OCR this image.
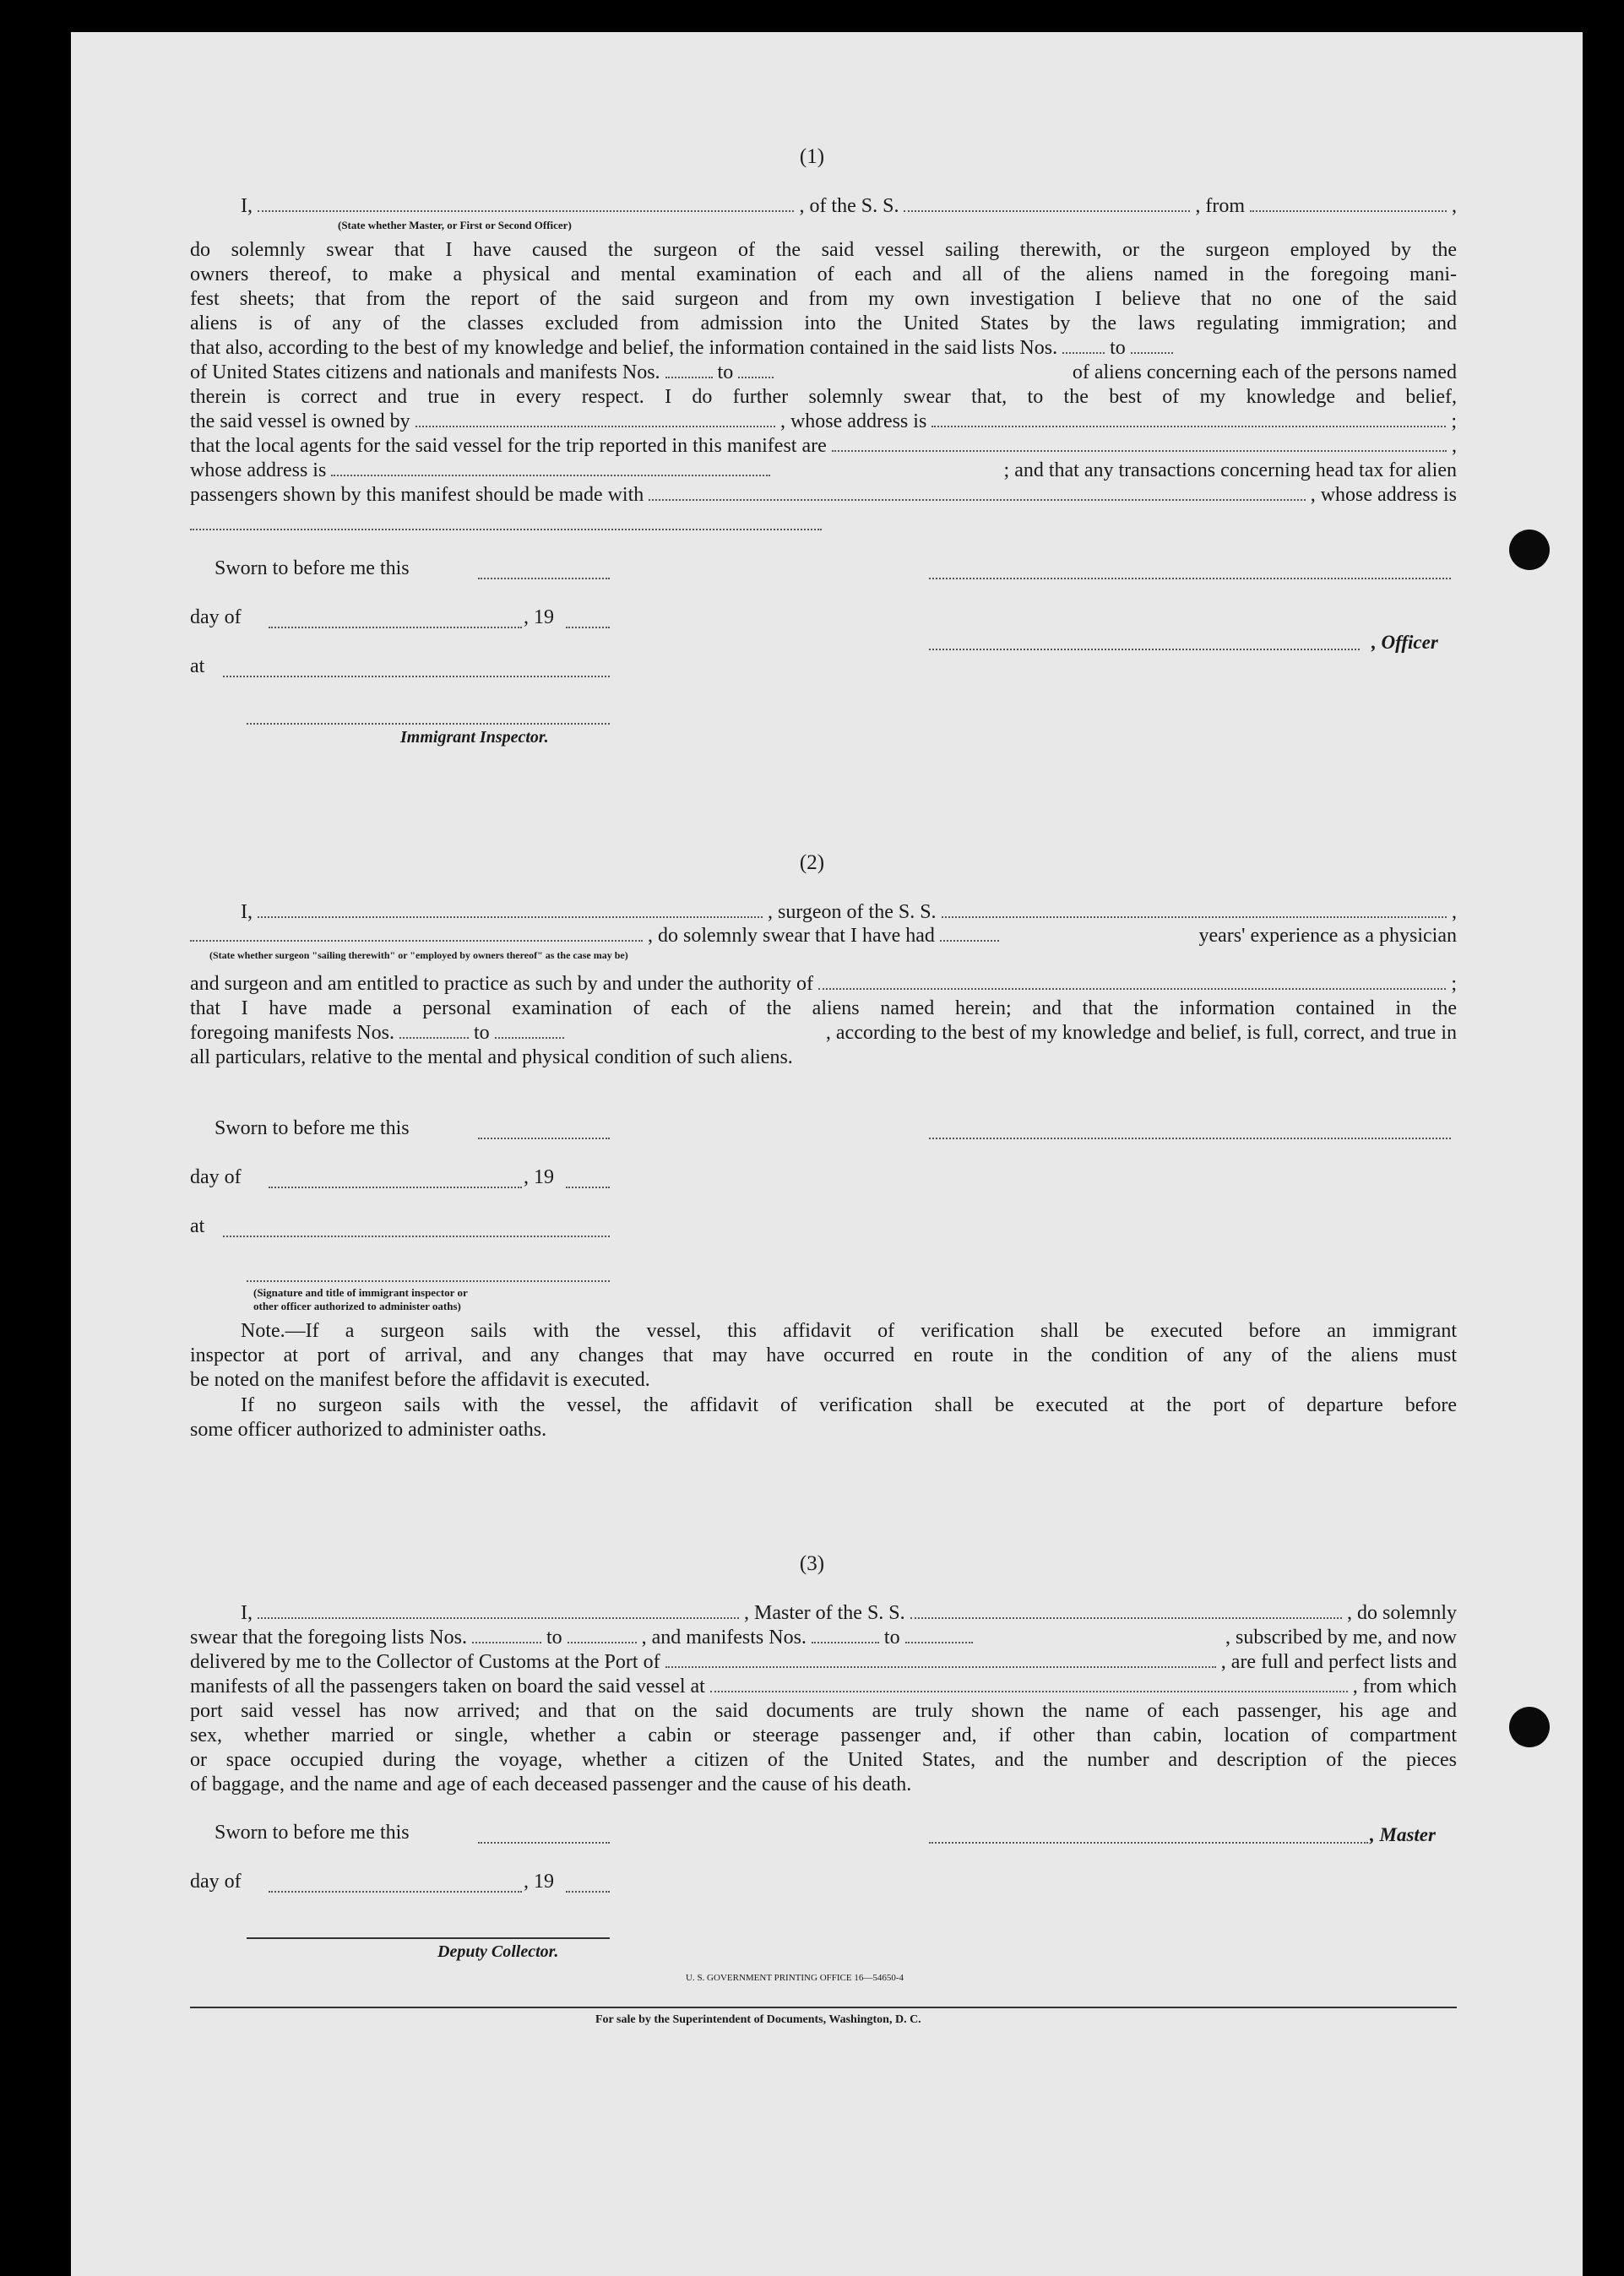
(1)
I,	, of the S. S.	, from	,
(State whether Master, or First or Second Officer)
do solemnly swear that I have caused the surgeon of the said vessel sailing therewith, or the surgeon employed by the
owners thereof, to make a physical and mental examination of each and all of the aliens named in the foregoing mani-
fest sheets; that from the report of the said surgeon and from my own investigation I believe that no one of the said
aliens is of any of the classes excluded from admission into the United States by the laws regulating immigration; and
that also, according to the best of my knowledge and belief, the information contained in the said lists Nos.	to
of United States citizens and nationals and manifests Nos.	to	of aliens concerning each of the persons named
therein is correct and true in every respect. I do further solemnly swear that, to the best of my knowledge and belief,
the said vessel is owned by	, whose address is	;
that the local agents for the said vessel for the trip reported in this manifest are	,
whose address is	; and that any transactions concerning head tax for alien
passengers shown by this manifest should be made with	, whose address is
Sworn to before me this
day of	, 19
, Officer
at
Immigrant Inspector.
(2)
I,	, surgeon of the S. S.	,
, do solemnly swear that I have had	years' experience as a physician
(State whether surgeon "sailing therewith" or "employed by owners thereof" as the case may be)
and surgeon and am entitled to practice as such by and under the authority of	;
that I have made a personal examination of each of the aliens named herein; and that the information contained in the
foregoing manifests Nos.	to	, according to the best of my knowledge and belief, is full, correct, and true in
all particulars, relative to the mental and physical condition of such aliens.
Sworn to before me this
day of	, 19
at
(Signature and title of immigrant inspector or
other officer authorized to administer oaths)
Note.—If a surgeon sails with the vessel, this affidavit of verification shall be executed before an immigrant
inspector at port of arrival, and any changes that may have occurred en route in the condition of any of the aliens must
be noted on the manifest before the affidavit is executed.
If no surgeon sails with the vessel, the affidavit of verification shall be executed at the port of departure before
some officer authorized to administer oaths.
(3)
I,	, Master of the S. S.	, do solemnly
swear that the foregoing lists Nos.	to	, and manifests Nos.	to	, subscribed by me, and now
delivered by me to the Collector of Customs at the Port of	, are full and perfect lists and
manifests of all the passengers taken on board the said vessel at	, from which
port said vessel has now arrived; and that on the said documents are truly shown the name of each passenger, his age and
sex, whether married or single, whether a cabin or steerage passenger and, if other than cabin, location of compartment
or space occupied during the voyage, whether a citizen of the United States, and the number and description of the pieces
of baggage, and the name and age of each deceased passenger and the cause of his death.
Sworn to before me this	, Master
day of	, 19
Deputy Collector.
U. S. GOVERNMENT PRINTING OFFICE 16—54650-4
For sale by the Superintendent of Documents, Washington, D. C.
